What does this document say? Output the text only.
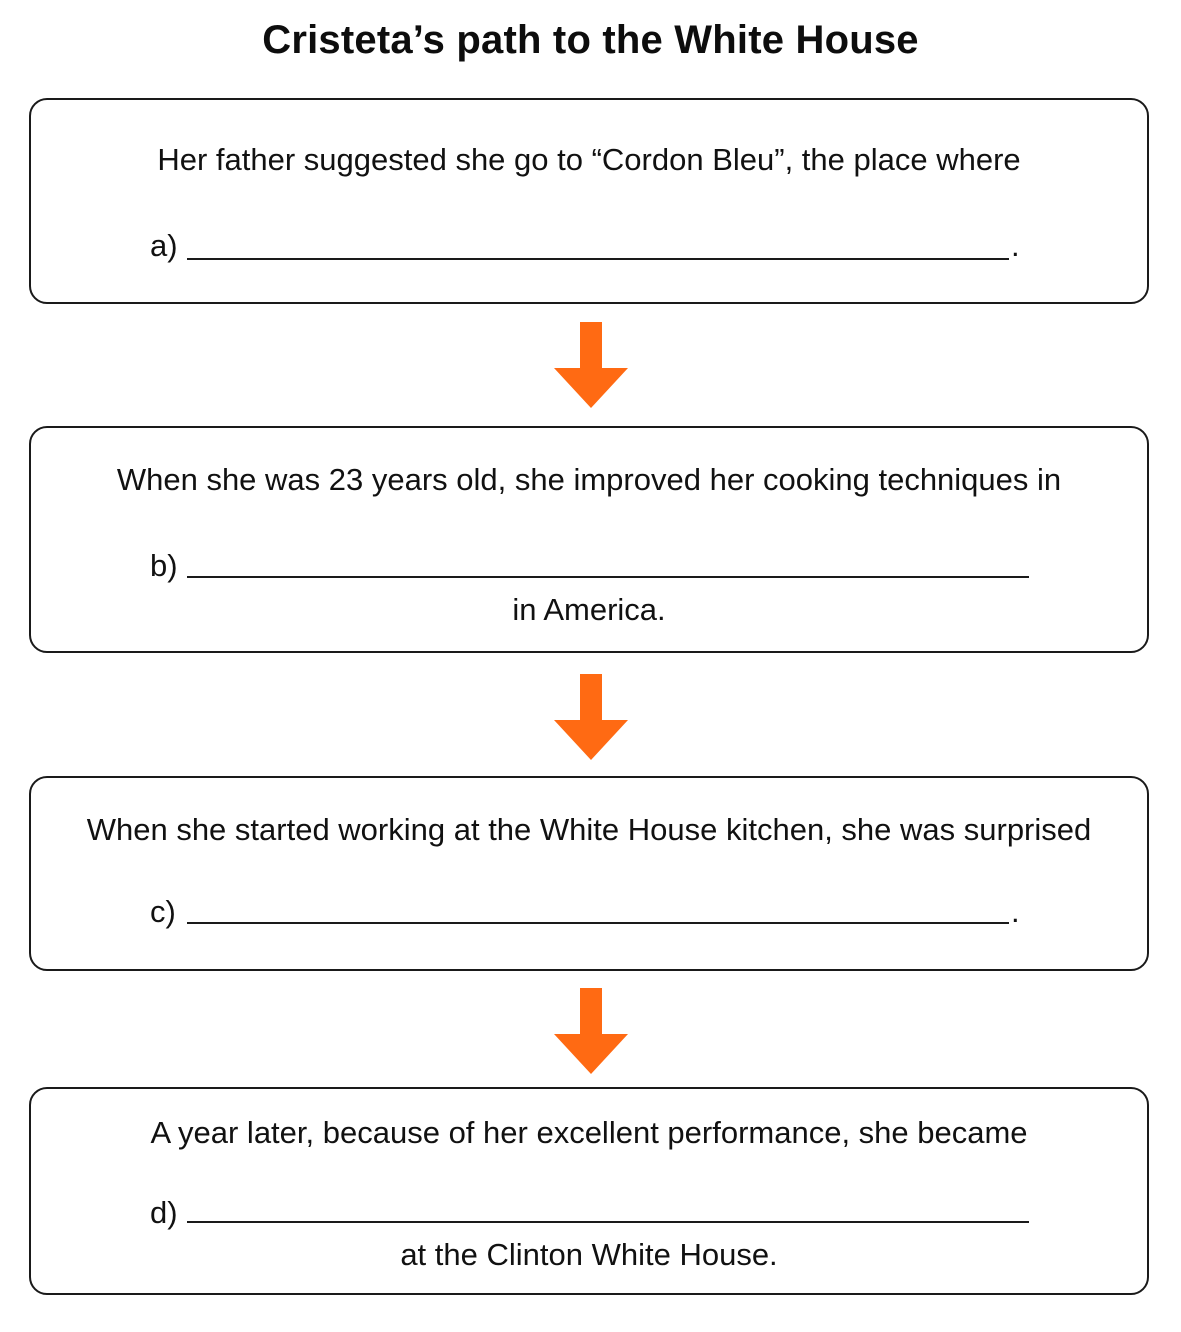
Cristeta’s path to the White House
Her father suggested she go to “Cordon Bleu”, the place where
a)	.
When she was 23 years old, she improved her cooking techniques in
b)
in America.
When she started working at the White House kitchen, she was surprised
c)	.
A year later, because of her excellent performance, she became
d)
at the Clinton White House.
